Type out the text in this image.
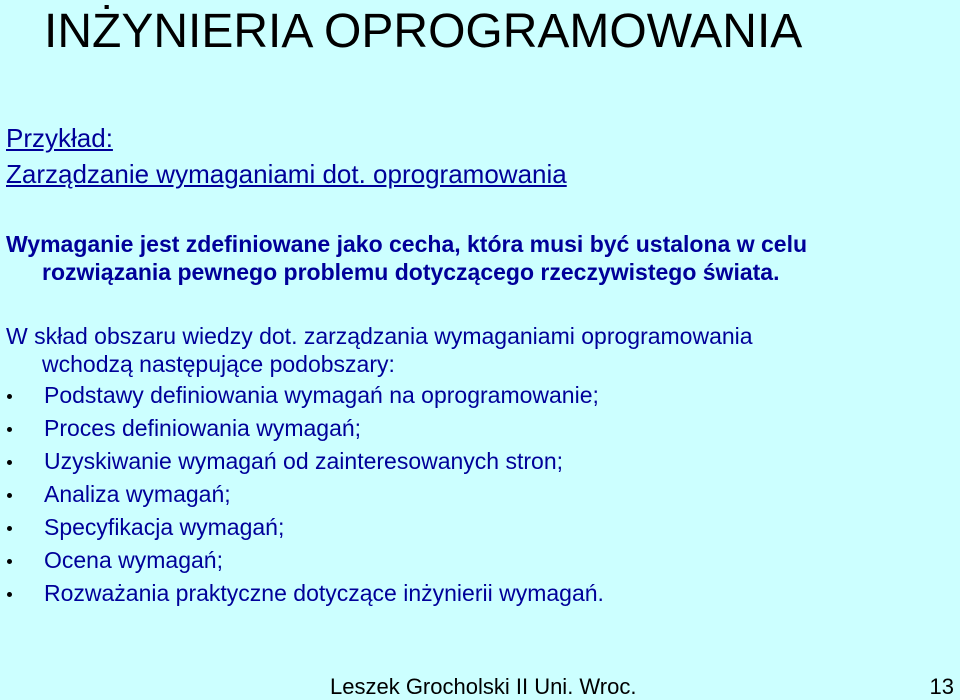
INŻYNIERIA OPROGRAMOWANIA
Przykład:
Zarządzanie wymaganiami dot. oprogramowania
Wymaganie jest zdefiniowane jako cecha, która musi być ustalona w celu
rozwiązania pewnego problemu dotyczącego rzeczywistego świata.
W skład obszaru wiedzy dot. zarządzania wymaganiami oprogramowania
wchodzą następujące podobszary:
Podstawy definiowania wymagań na oprogramowanie;
Proces definiowania wymagań;
Uzyskiwanie wymagań od zainteresowanych stron;
Analiza wymagań;
Specyfikacja wymagań;
Ocena wymagań;
Rozważania praktyczne dotyczące inżynierii wymagań.
Leszek Grocholski II Uni. Wroc.	13
